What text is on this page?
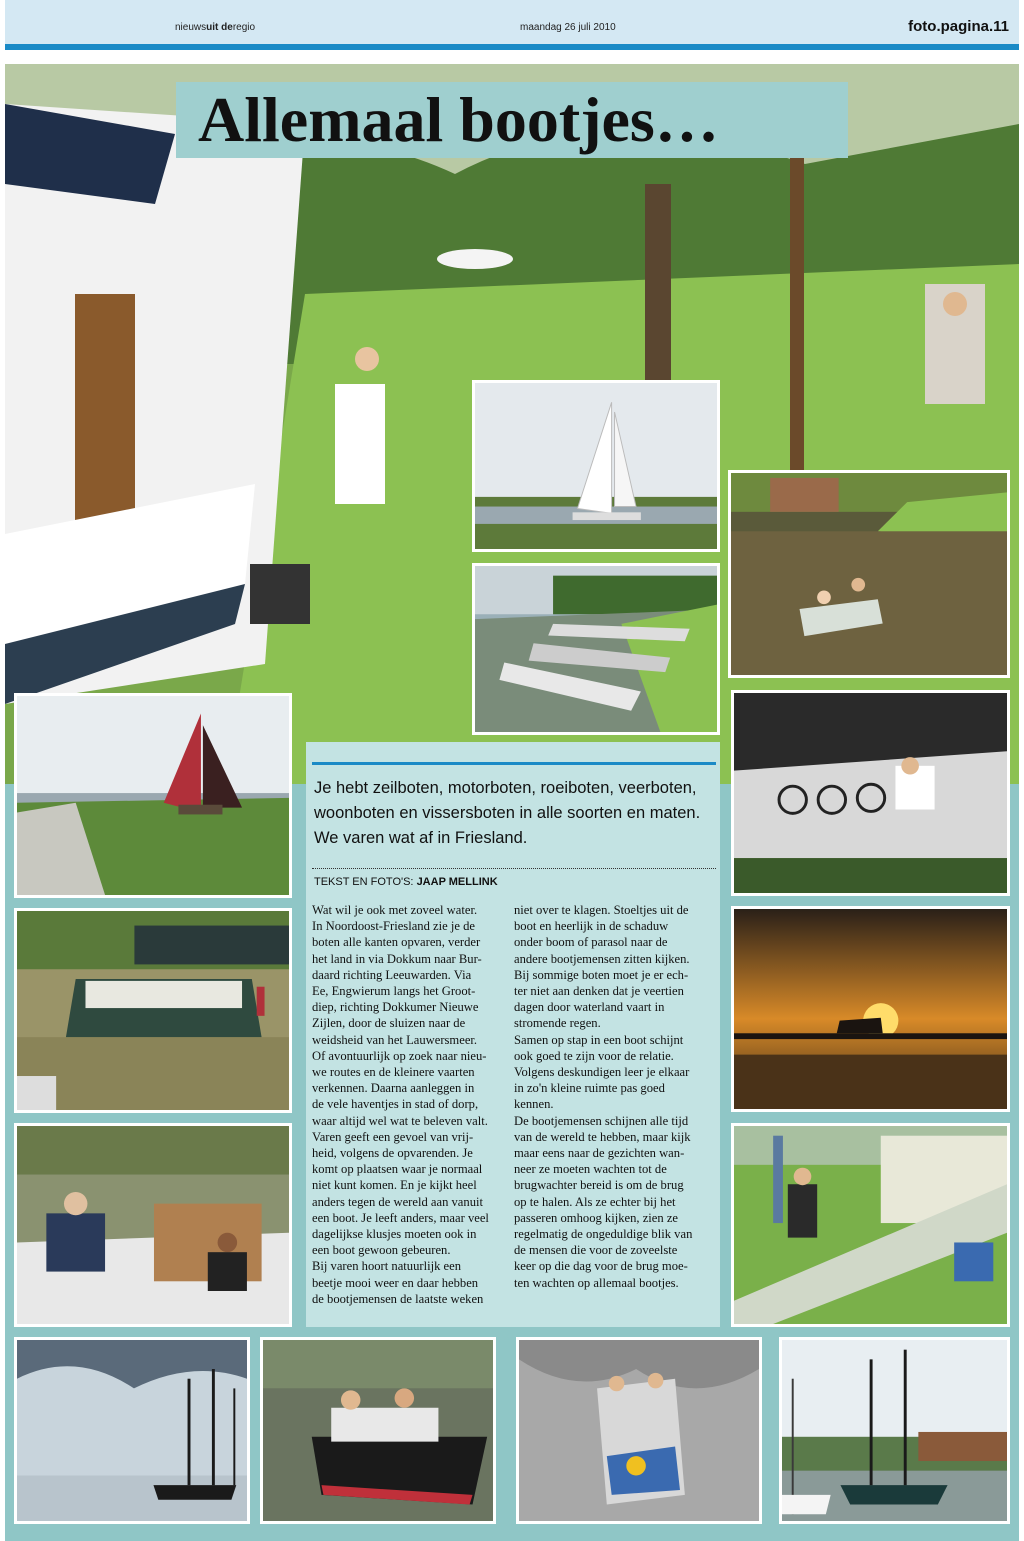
nieuwsuit deregio	maandag 26 juli 2010	foto.pagina.11
Allemaal bootjes…
Je hebt zeilboten, motorboten, roeiboten, veerboten, woonboten en vissersboten in alle soorten en maten. We varen wat af in Friesland.
TEKST EN FOTO'S: JAAP MELLINK
Wat wil je ook met zoveel water.
In Noordoost-Friesland zie je de
boten alle kanten opvaren, verder
het land in via Dokkum naar Bur-
daard richting Leeuwarden. Via
Ee, Engwierum langs het Groot-
diep, richting Dokkumer Nieuwe
Zijlen, door de sluizen naar de
weidsheid van het Lauwersmeer.
Of avontuurlijk op zoek naar nieu-
we routes en de kleinere vaarten
verkennen. Daarna aanleggen in
de vele haventjes in stad of dorp,
waar altijd wel wat te beleven valt.
Varen geeft een gevoel van vrij-
heid, volgens de opvarenden. Je
komt op plaatsen waar je normaal
niet kunt komen. En je kijkt heel
anders tegen de wereld aan vanuit
een boot. Je leeft anders, maar veel
dagelijkse klusjes moeten ook in
een boot gewoon gebeuren.
Bij varen hoort natuurlijk een
beetje mooi weer en daar hebben
de bootjemensen de laatste weken
niet over te klagen. Stoeltjes uit de
boot en heerlijk in de schaduw
onder boom of parasol naar de
andere bootjemensen zitten kijken.
Bij sommige boten moet je er ech-
ter niet aan denken dat je veertien
dagen door waterland vaart in
stromende regen.
Samen op stap in een boot schijnt
ook goed te zijn voor de relatie.
Volgens deskundigen leer je elkaar
in zo'n kleine ruimte pas goed
kennen.
De bootjemensen schijnen alle tijd
van de wereld te hebben, maar kijk
maar eens naar de gezichten wan-
neer ze moeten wachten tot de
brugwachter bereid is om de brug
op te halen. Als ze echter bij het
passeren omhoog kijken, zien ze
regelmatig de ongeduldige blik van
de mensen die voor de zoveelste
keer op die dag voor de brug moe-
ten wachten op allemaal bootjes.
